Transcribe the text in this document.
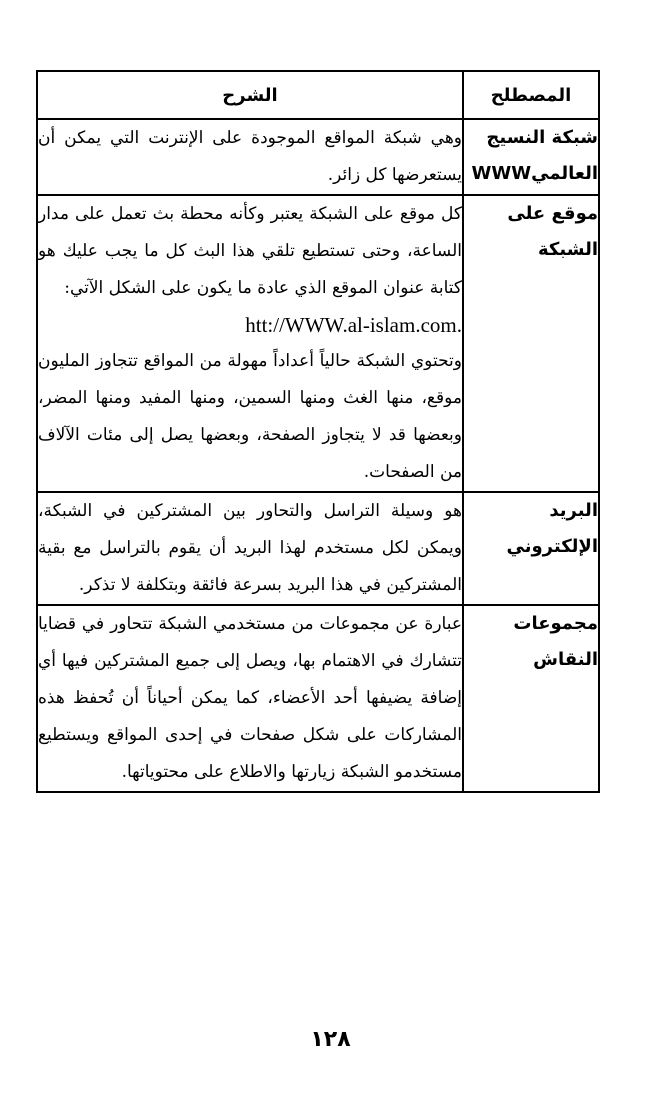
المصطلح	الشرح
شبكة النسيج العالميWWW	وهي شبكة المواقع الموجودة على الإنترنت التي يمكن أن يستعرضها كل زائر.
موقع على الشبكة	كل موقع على الشبكة يعتبر وكأنه محطة بث تعمل على مدار الساعة، وحتى تستطيع تلقي هذا البث كل ما يجب عليك هو كتابة عنوان الموقع الذي عادة ما يكون على الشكل الآتي:

htt://WWW.al-islam.com.

وتحتوي الشبكة حالياً أعداداً مهولة من المواقع تتجاوز المليون موقع، منها الغث ومنها السمين، ومنها المفيد ومنها المضر، وبعضها قد لا يتجاوز الصفحة، وبعضها يصل إلى مئات الآلاف من الصفحات.

البريد الإلكتروني	هو وسيلة التراسل والتحاور بين المشتركين في الشبكة، ويمكن لكل مستخدم لهذا البريد أن يقوم بالتراسل مع بقية المشتركين في هذا البريد بسرعة فائقة وبتكلفة لا تذكر.
مجموعات النقاش	عبارة عن مجموعات من مستخدمي الشبكة تتحاور في قضايا تتشارك في الاهتمام بها، ويصل إلى جميع المشتركين فيها أي إضافة يضيفها أحد الأعضاء، كما يمكن أحياناً أن تُحفظ هذه المشاركات على شكل صفحات في إحدى المواقع ويستطيع مستخدمو الشبكة زيارتها والاطلاع على محتوياتها.
١٢٨
